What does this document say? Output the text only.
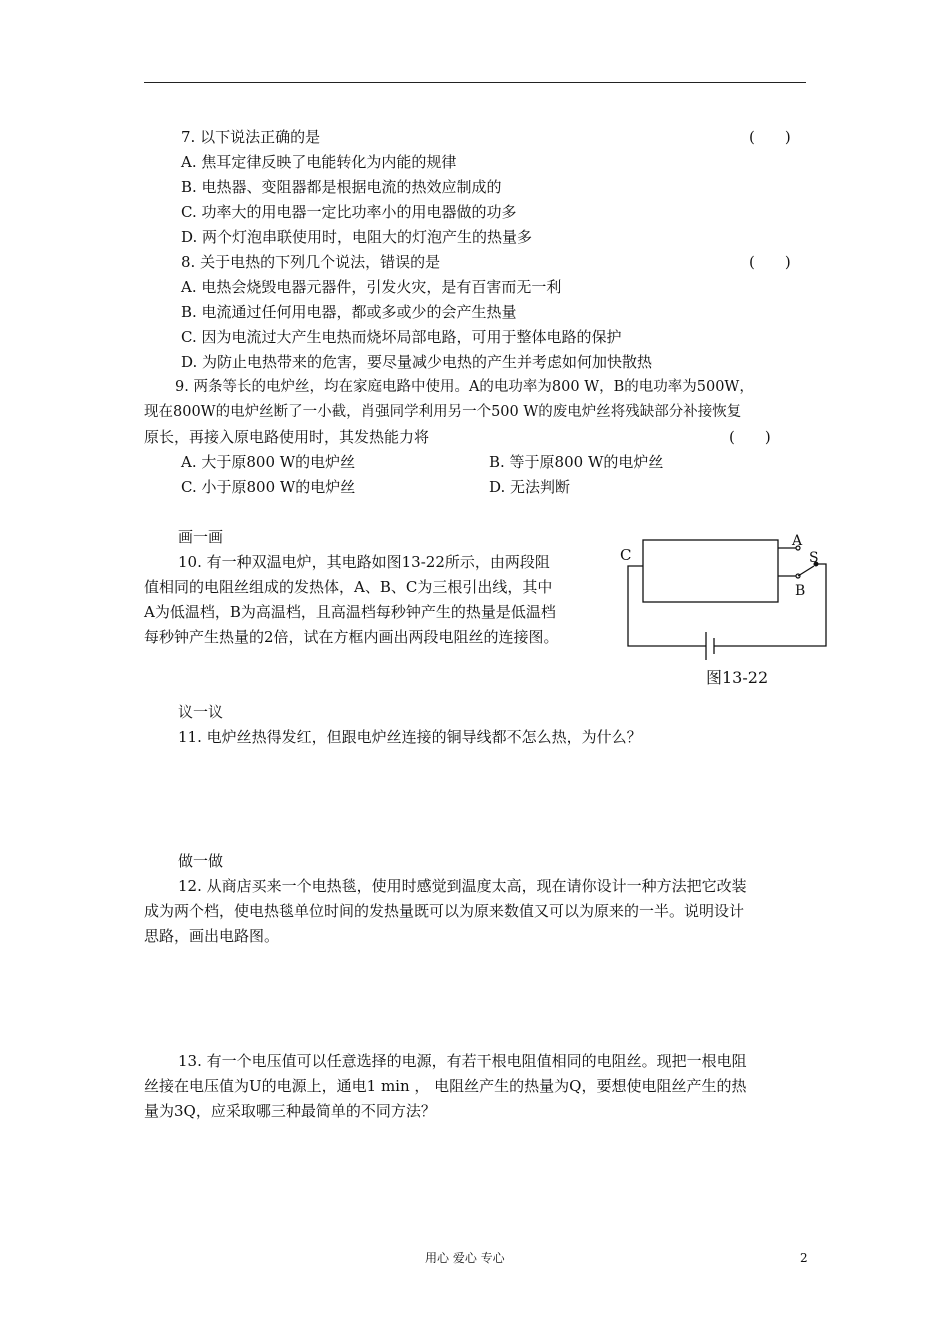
7. 以下说法正确的是	(　　)
A. 焦耳定律反映了电能转化为内能的规律
B. 电热器、变阻器都是根据电流的热效应制成的
C. 功率大的用电器一定比功率小的用电器做的功多
D. 两个灯泡串联使用时，电阻大的灯泡产生的热量多
8. 关于电热的下列几个说法，错误的是	(　　)
A. 电热会烧毁电器元器件，引发火灾，是有百害而无一利
B. 电流通过任何用电器，都或多或少的会产生热量
C. 因为电流过大产生电热而烧坏局部电路，可用于整体电路的保护
D. 为防止电热带来的危害，要尽量减少电热的产生并考虑如何加快散热
9. 两条等长的电炉丝，均在家庭电路中使用。A的电功率为800 W，B的电功率为500W，
现在800W的电炉丝断了一小截，肖强同学利用另一个500 W的废电炉丝将残缺部分补接恢复
原长，再接入原电路使用时，其发热能力将	(　　)
A. 大于原800 W的电炉丝	B. 等于原800 W的电炉丝
C. 小于原800 W的电炉丝	D. 无法判断
画一画
10. 有一种双温电炉，其电路如图13-22所示，由两段阻
值相同的电阻丝组成的发热体，A、B、C为三根引出线，其中
A为低温档，B为高温档，且高温档每秒钟产生的热量是低温档
每秒钟产生热量的2倍，试在方框内画出两段电阻丝的连接图。
C
A
S
B
图13-22
议一议
11. 电炉丝热得发红，但跟电炉丝连接的铜导线都不怎么热，为什么？
做一做
12. 从商店买来一个电热毯，使用时感觉到温度太高，现在请你设计一种方法把它改装
成为两个档，使电热毯单位时间的发热量既可以为原来数值又可以为原来的一半。说明设计
思路，画出电路图。
13. 有一个电压值可以任意选择的电源，有若干根电阻值相同的电阻丝。现把一根电阻
丝接在电压值为U的电源上，通电1 min ， 电阻丝产生的热量为Q，要想使电阻丝产生的热
量为3Q，应采取哪三种最简单的不同方法？
用心 爱心 专心	2
